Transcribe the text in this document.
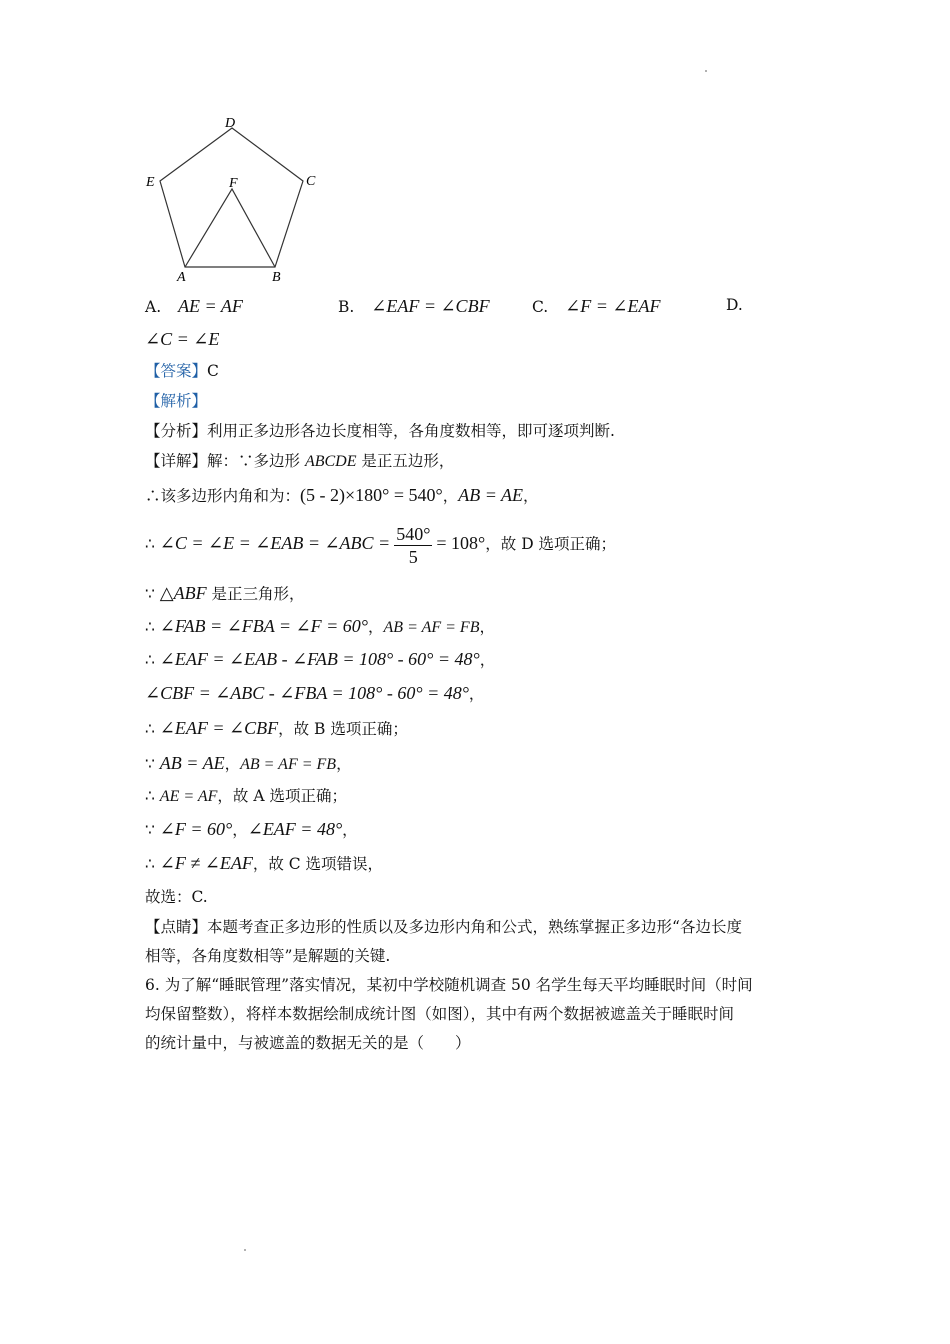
D
E	C
F
A	B
A. AE = AF	B. ∠EAF = ∠CBF	C. ∠F = ∠EAF	D.
∠C = ∠E
【答案】C
【解析】
【分析】利用正多边形各边长度相等，各角度数相等，即可逐项判断.
【详解】解：∵多边形 ABCDE 是正五边形，
∴该多边形内角和为：(5 - 2)×180° = 540°，AB = AE，
∴ ∠C = ∠E = ∠EAB = ∠ABC = $\frac{540^\circ}{5} = 108^\circ$，故 D 选项正确；
∵ △ABF 是正三角形，
∴ ∠FAB = ∠FBA = ∠F = 60°，AB = AF = FB，
∴ ∠EAF = ∠EAB - ∠FAB = 108° - 60° = 48°，
∠CBF = ∠ABC - ∠FBA = 108° - 60° = 48°，
∴ ∠EAF = ∠CBF，故 B 选项正确；
∵ AB = AE，AB = AF = FB，
∴ AE = AF，故 A 选项正确；
∵ ∠F = 60°，∠EAF = 48°，
∴ ∠F ≠ ∠EAF，故 C 选项错误，
故选：C.
【点睛】本题考查正多边形的性质以及多边形内角和公式，熟练掌握正多边形“各边长度
相等，各角度数相等”是解题的关键.
6. 为了解“睡眠管理”落实情况，某初中学校随机调查 50 名学生每天平均睡眠时间（时间
均保留整数），将样本数据绘制成统计图（如图），其中有两个数据被遮盖关于睡眠时间
的统计量中，与被遮盖的数据无关的是（　　）
